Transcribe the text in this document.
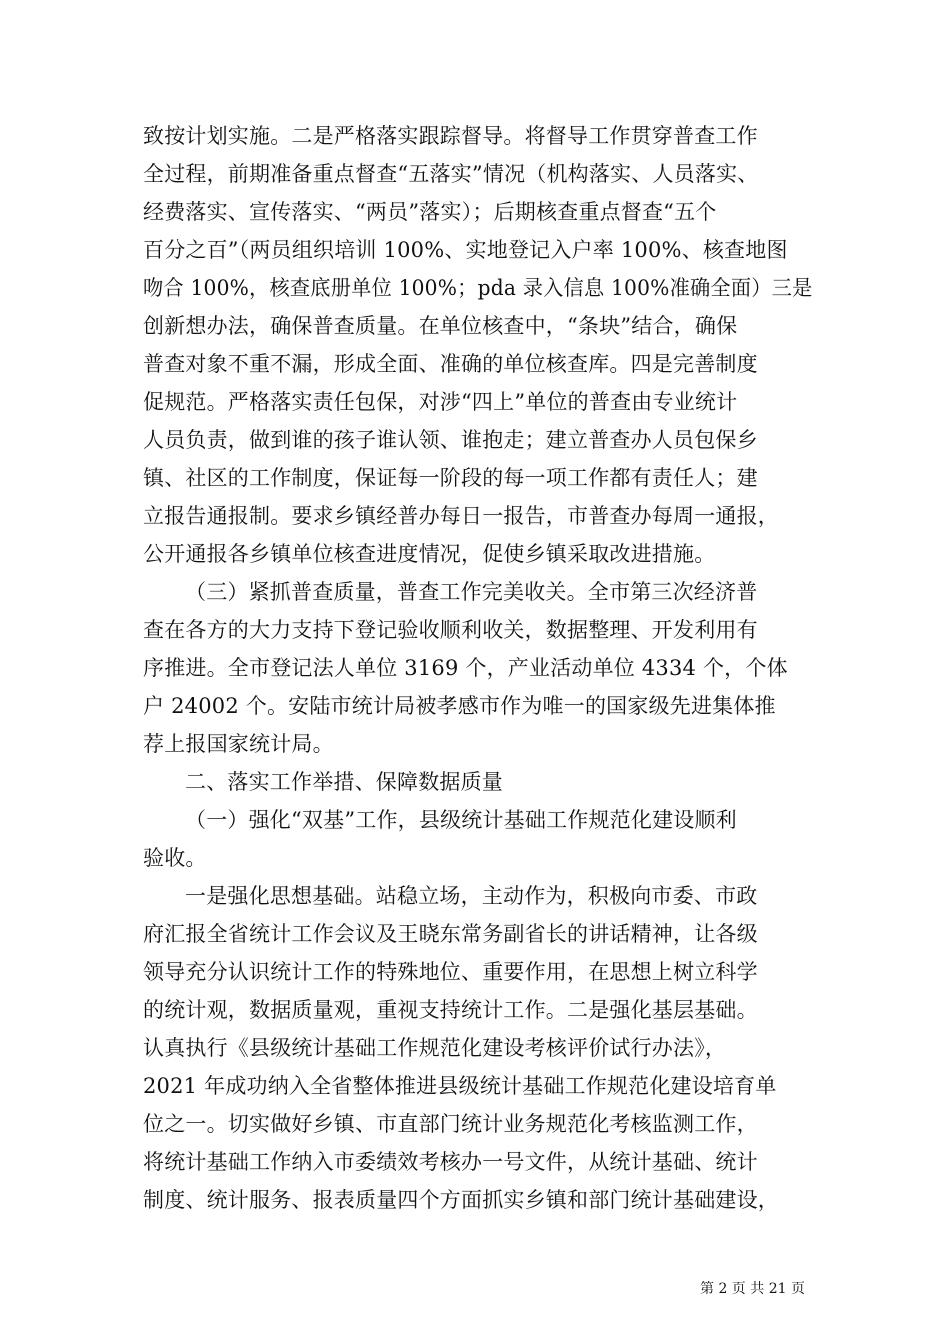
致按计划实施。二是严格落实跟踪督导。将督导工作贯穿普查工作
全过程，前期准备重点督查“五落实”情况（机构落实、人员落实、
经费落实、宣传落实、“两员”落实）；后期核查重点督查“五个
百分之百”（两员组织培训 100%、实地登记入户率 100%、核查地图
吻合 100%，核查底册单位 100%；pda 录入信息 100%准确全面）三是
创新想办法，确保普查质量。在单位核查中，“条块”结合，确保
普查对象不重不漏，形成全面、准确的单位核查库。四是完善制度
促规范。严格落实责任包保，对涉“四上”单位的普查由专业统计
人员负责，做到谁的孩子谁认领、谁抱走；建立普查办人员包保乡
镇、社区的工作制度，保证每一阶段的每一项工作都有责任人；建
立报告通报制。要求乡镇经普办每日一报告，市普查办每周一通报，
公开通报各乡镇单位核查进度情况，促使乡镇采取改进措施。
（三）紧抓普查质量，普查工作完美收关。全市第三次经济普
查在各方的大力支持下登记验收顺利收关，数据整理、开发利用有
序推进。全市登记法人单位 3169 个，产业活动单位 4334 个，个体
户 24002 个。安陆市统计局被孝感市作为唯一的国家级先进集体推
荐上报国家统计局。
二、落实工作举措、保障数据质量
（一）强化“双基”工作，县级统计基础工作规范化建设顺利
验收。
一是强化思想基础。站稳立场，主动作为，积极向市委、市政
府汇报全省统计工作会议及王晓东常务副省长的讲话精神，让各级
领导充分认识统计工作的特殊地位、重要作用，在思想上树立科学
的统计观，数据质量观，重视支持统计工作。二是强化基层基础。
认真执行《县级统计基础工作规范化建设考核评价试行办法》，
2021 年成功纳入全省整体推进县级统计基础工作规范化建设培育单
位之一。切实做好乡镇、市直部门统计业务规范化考核监测工作，
将统计基础工作纳入市委绩效考核办一号文件，从统计基础、统计
制度、统计服务、报表质量四个方面抓实乡镇和部门统计基础建设，
第 2 页 共 21 页
